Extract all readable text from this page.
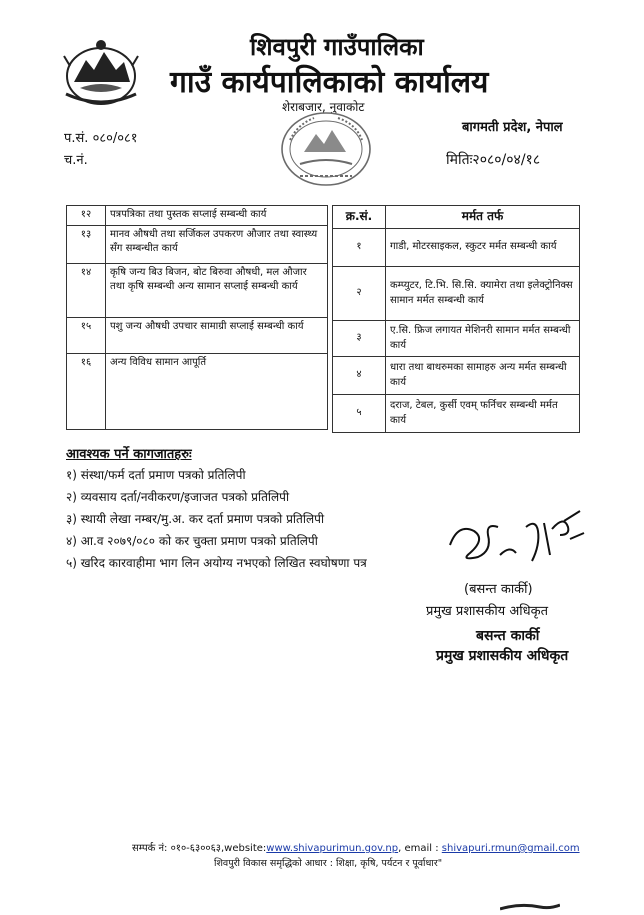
शिवपुरी गाउँपालिका
गाउँ कार्यपालिकाको कार्यालय
शेराबजार, नुवाकोट
बागमती प्रदेश, नेपाल
प.सं. ०८०/०८१
च.नं.	मितिः२०८०/०४/१८
१२	पत्रपत्रिका तथा पुस्तक सप्लाई सम्बन्धी कार्य
१३	मानव औषधी तथा सर्जिकल उपकरण औजार तथा स्वास्थ्य सँग सम्बन्धीत कार्य
१४	कृषि जन्य बिउ बिजन, बोट बिरुवा औषधी, मल औजार तथा कृषि सम्बन्धी अन्य सामान सप्लाई सम्बन्धी कार्य
१५	पशु जन्य औषधी उपचार सामाग्री सप्लाई सम्बन्धी कार्य
१६	अन्य विविध सामान आपूर्ति
क्र.सं.	मर्मत तर्फ
१	गाडी, मोटरसाइकल, स्कुटर मर्मत सम्बन्धी कार्य
२	कम्प्युटर, टि.भि. सि.सि. क्यामेरा तथा इलेक्ट्रोनिक्स सामान मर्मत सम्बन्धी कार्य
३	ए.सि. फ्रिज लगायत मेशिनरी सामान मर्मत सम्बन्धी कार्य
४	धारा तथा बाथरुमका सामाहरु अन्य मर्मत सम्बन्धी कार्य
५	दराज, टेबल, कुर्सी एवम् फर्निचर सम्बन्धी मर्मत कार्य
आवश्यक पर्ने कागजातहरुः
१) संस्था/फर्म दर्ता प्रमाण पत्रको प्रतिलिपी
२) व्यवसाय दर्ता/नवीकरण/इजाजत पत्रको प्रतिलिपी
३) स्थायी लेखा नम्बर/मु.अ. कर दर्ता प्रमाण पत्रको प्रतिलिपी
४) आ.व २०७९/०८० को कर चुक्ता प्रमाण पत्रको प्रतिलिपी
५) खरिद कारवाहीमा भाग लिन अयोग्य नभएको लिखित स्वघोषणा पत्र
(बसन्त कार्की)
प्रमुख प्रशासकीय अधिकृत
बसन्त कार्की
प्रमुख प्रशासकीय अधिकृत
सम्पर्क नं: ०१०-६३००६३,website:www.shivapurimun.gov.np, email : shivapuri.rmun@gmail.com
शिवपुरी विकास समृद्धिको आधार : शिक्षा, कृषि, पर्यटन र पूर्वाधार"
